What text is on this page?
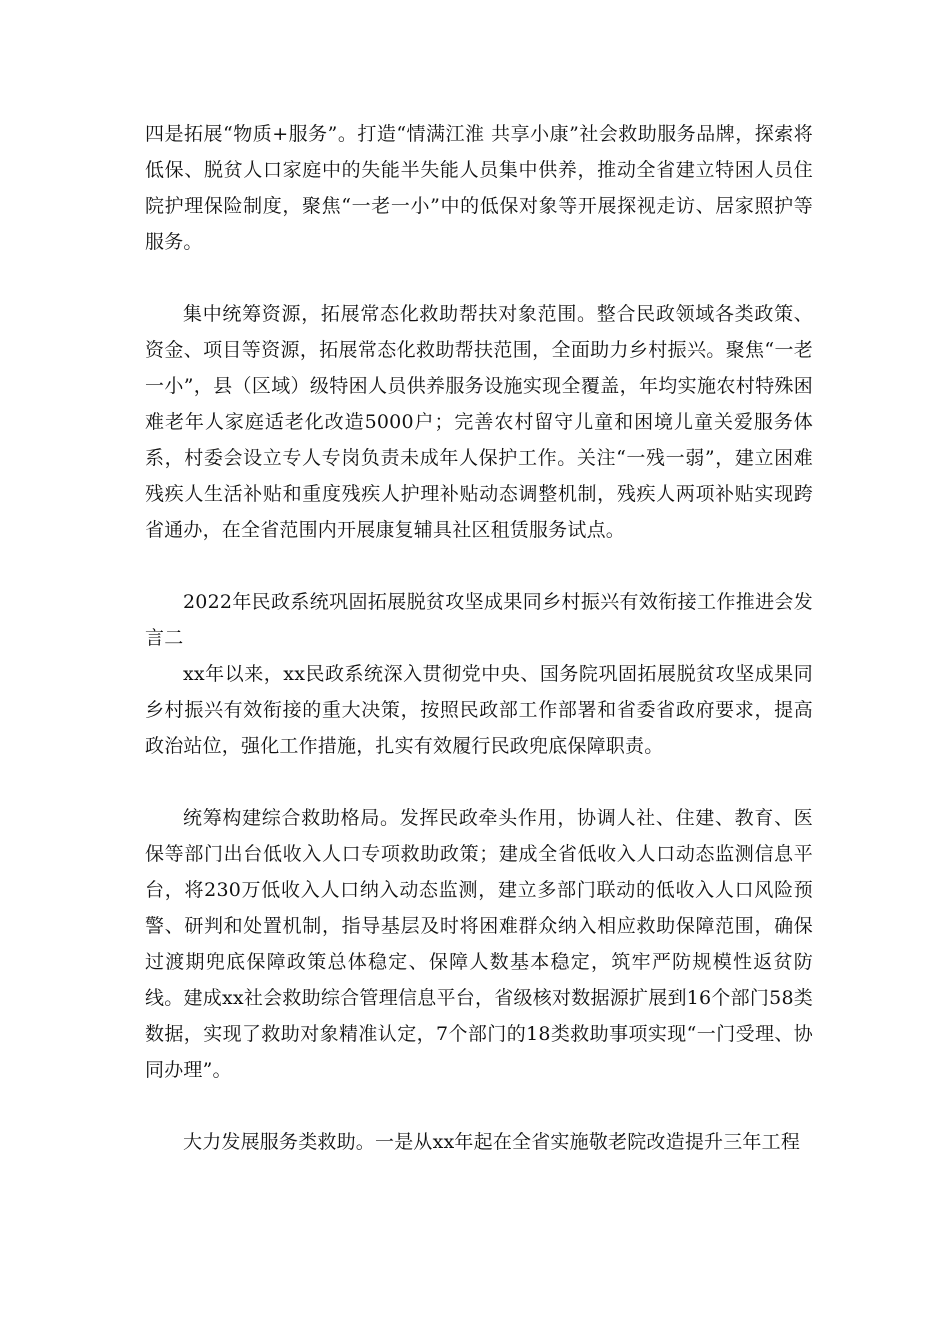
四是拓展“物质+服务”。打造“情满江淮 共享小康”社会救助服务品牌，探索将低保、脱贫人口家庭中的失能半失能人员集中供养，推动全省建立特困人员住院护理保险制度，聚焦“一老一小”中的低保对象等开展探视走访、居家照护等服务。

集中统筹资源，拓展常态化救助帮扶对象范围。整合民政领域各类政策、资金、项目等资源，拓展常态化救助帮扶范围，全面助力乡村振兴。聚焦“一老一小”，县（区域）级特困人员供养服务设施实现全覆盖，年均实施农村特殊困难老年人家庭适老化改造5000户；完善农村留守儿童和困境儿童关爱服务体系，村委会设立专人专岗负责未成年人保护工作。关注“一残一弱”，建立困难残疾人生活补贴和重度残疾人护理补贴动态调整机制，残疾人两项补贴实现跨省通办，在全省范围内开展康复辅具社区租赁服务试点。

2022年民政系统巩固拓展脱贫攻坚成果同乡村振兴有效衔接工作推进会发言二

xx年以来，xx民政系统深入贯彻党中央、国务院巩固拓展脱贫攻坚成果同乡村振兴有效衔接的重大决策，按照民政部工作部署和省委省政府要求，提高政治站位，强化工作措施，扎实有效履行民政兜底保障职责。

统筹构建综合救助格局。发挥民政牵头作用，协调人社、住建、教育、医保等部门出台低收入人口专项救助政策；建成全省低收入人口动态监测信息平台，将230万低收入人口纳入动态监测，建立多部门联动的低收入人口风险预警、研判和处置机制，指导基层及时将困难群众纳入相应救助保障范围，确保过渡期兜底保障政策总体稳定、保障人数基本稳定，筑牢严防规模性返贫防线。建成xx社会救助综合管理信息平台，省级核对数据源扩展到16个部门58类数据，实现了救助对象精准认定，7个部门的18类救助事项实现“一门受理、协同办理”。

大力发展服务类救助。一是从xx年起在全省实施敬老院改造提升三年工程
